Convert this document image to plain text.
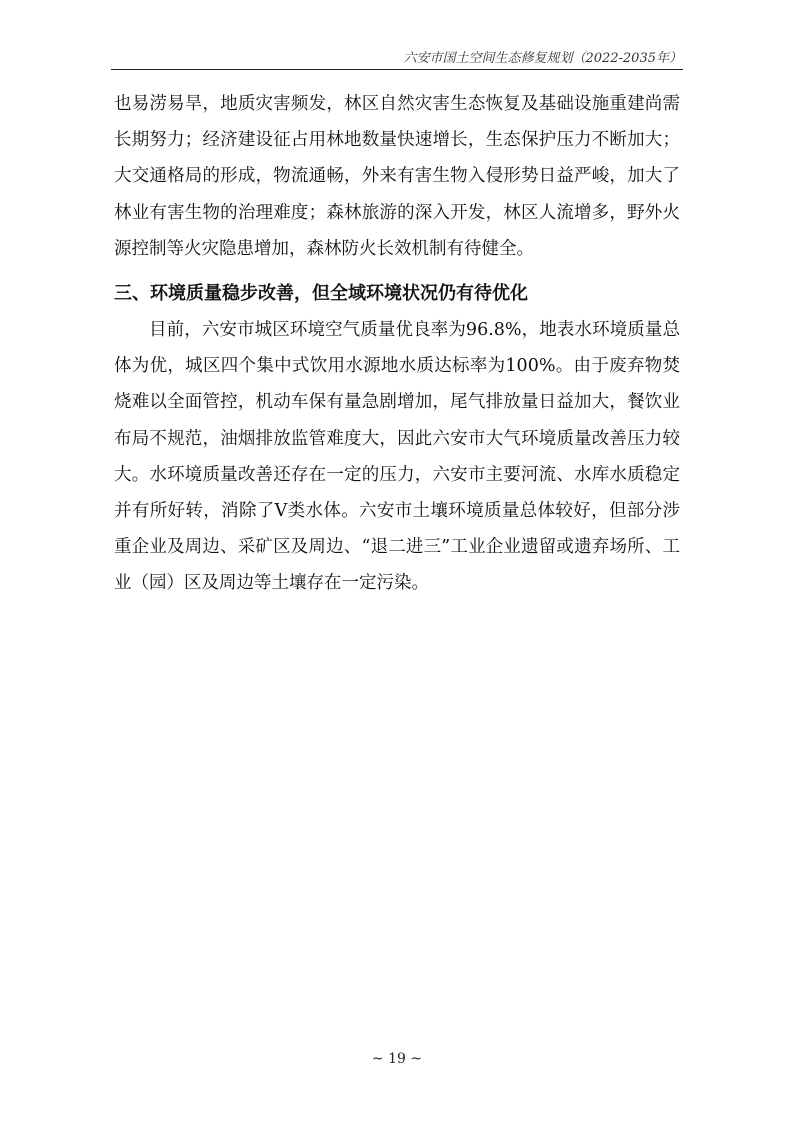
六安市国土空间生态修复规划（2022-2035年）

也易涝易旱，地质灾害频发，林区自然灾害生态恢复及基础设施重建尚需长期努力；经济建设征占用林地数量快速增长，生态保护压力不断加大；大交通格局的形成，物流通畅，外来有害生物入侵形势日益严峻，加大了林业有害生物的治理难度；森林旅游的深入开发，林区人流增多，野外火源控制等火灾隐患增加，森林防火长效机制有待健全。

三、环境质量稳步改善，但全域环境状况仍有待优化

目前，六安市城区环境空气质量优良率为96.8%，地表水环境质量总体为优，城区四个集中式饮用水源地水质达标率为100%。由于废弃物焚烧难以全面管控，机动车保有量急剧增加，尾气排放量日益加大，餐饮业布局不规范，油烟排放监管难度大，因此六安市大气环境质量改善压力较大。水环境质量改善还存在一定的压力，六安市主要河流、水库水质稳定并有所好转，消除了V类水体。六安市土壤环境质量总体较好，但部分涉重企业及周边、采矿区及周边、“退二进三”工业企业遗留或遗弃场所、工业（园）区及周边等土壤存在一定污染。

~ 19 ~
